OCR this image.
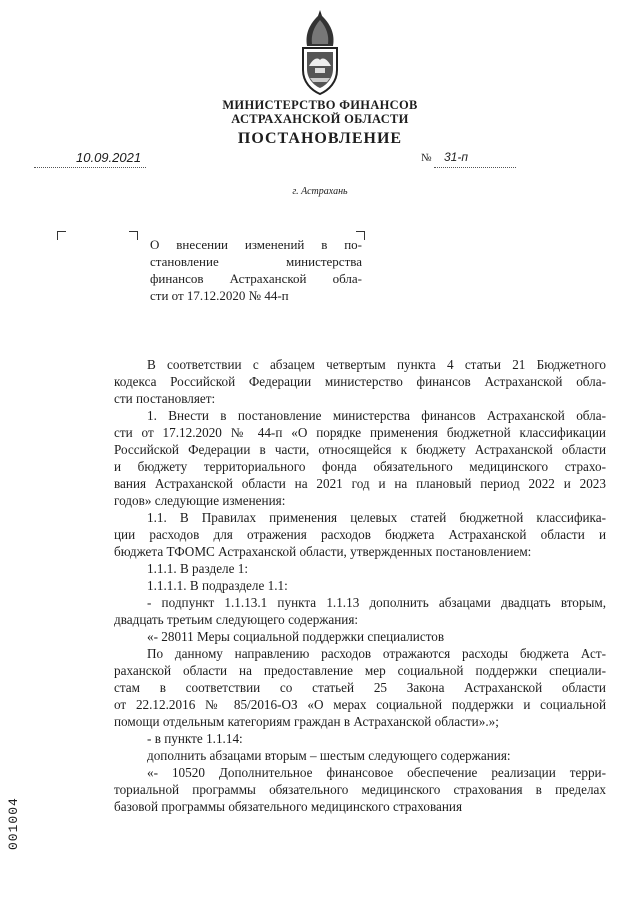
МИНИСТЕРСТВО ФИНАНСОВ
АСТРАХАНСКОЙ ОБЛАСТИ
ПОСТАНОВЛЕНИЕ
10.09.2021	№	31-п
г. Астрахань
О внесении изменений в по-
становление министерства
финансов Астраханской обла-
сти от 17.12.2020 № 44-п
В соответствии с абзацем четвертым пункта 4 статьи 21 Бюджетного
кодекса Российской Федерации министерство финансов Астраханской обла-
сти постановляет:
1. Внести в постановление министерства финансов Астраханской обла-
сти от 17.12.2020 № 44-п «О порядке применения бюджетной классификации
Российской Федерации в части, относящейся к бюджету Астраханской области
и бюджету территориального фонда обязательного медицинского страхо-
вания Астраханской области на 2021 год и на плановый период 2022 и 2023
годов» следующие изменения:
1.1. В Правилах применения целевых статей бюджетной классифика-
ции расходов для отражения расходов бюджета Астраханской области и
бюджета ТФОМС Астраханской области, утвержденных постановлением:
1.1.1. В разделе 1:
1.1.1.1. В подразделе 1.1:
- подпункт 1.1.13.1 пункта 1.1.13 дополнить абзацами двадцать вторым,
двадцать третьим следующего содержания:
«- 28011 Меры социальной поддержки специалистов
По данному направлению расходов отражаются расходы бюджета Аст-
раханской области на предоставление мер социальной поддержки специали-
стам в соответствии со статьей 25 Закона Астраханской области
от 22.12.2016 № 85/2016-ОЗ «О мерах социальной поддержки и социальной
помощи отдельным категориям граждан в Астраханской области».»;
- в пункте 1.1.14:
дополнить абзацами вторым – шестым следующего содержания:
«- 10520 Дополнительное финансовое обеспечение реализации терри-
ториальной программы обязательного медицинского страхования в пределах
базовой программы обязательного медицинского страхования
001004
